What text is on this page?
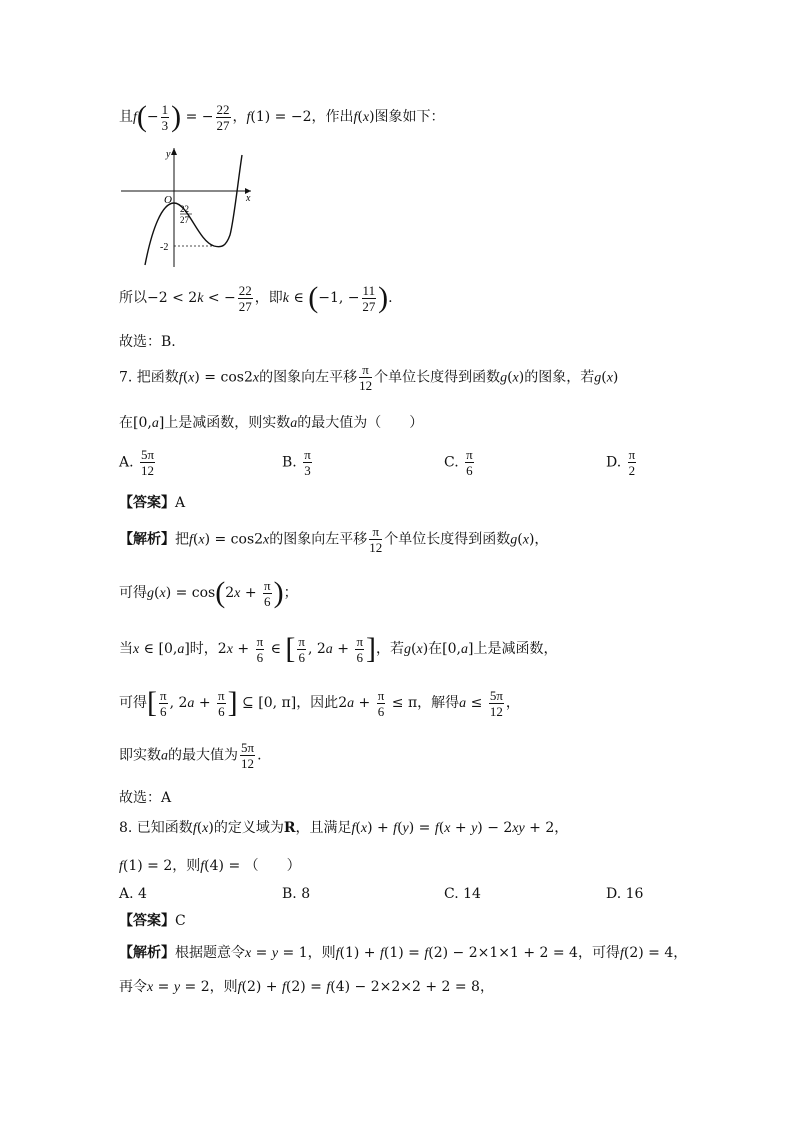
且$f(- \frac{1}{3}$ ) = − $\frac{22}{27}$ ，f(1) = −2，作出f(x)图象如下：
y
x
O
22
27
-2
所以−2 < 2k < − $\frac{22}{27}$ ，即k ∈ (−1, − $\frac{11}{27}$ ).
故选：B.
7. 把函数f(x) = cos2x的图象向左平移 $\frac{\pi}{12}$ 个单位长度得到函数g(x)的图象，若g(x)
在[0,a]上是减函数，则实数a的最大值为（　　）
A. $\frac{5\pi}{12}$	B. $\frac{\pi}{3}$	C. $\frac{\pi}{6}$	D. $\frac{\pi}{2}$
【答案】A
【解析】把f(x) = cos2x的图象向左平移 $\frac{\pi}{12}$ 个单位长度得到函数g(x)，
可得$g(x) = \cos(2x + \frac{\pi}{6}$ )；
当x ∈ [0,a]时，$2x + \frac{\pi}{6}$ ∈ [ $\frac{\pi}{6}$ , $2a + \frac{\pi}{6}$ ]，若g(x)在[0,a]上是减函数，
可得[ $\frac{\pi}{6}$ , $2a + \frac{\pi}{6}$ ] ⊆ [0, π]，因此$2a + \frac{\pi}{6} \le \pi$，解得$a \le \frac{5\pi}{12}$ ，
即实数a的最大值为 $\frac{5\pi}{12}$ .
故选：A
8. 已知函数f(x)的定义域为R，且满足f(x) + f(y) = f(x + y) − 2xy + 2，
f(1) = 2，则f(4) = （　　）
A. 4	B. 8	C. 14	D. 16
【答案】C
【解析】根据题意令x = y = 1，则f(1) + f(1) = f(2) − 2×1×1 + 2 = 4，可得f(2) = 4，
再令x = y = 2，则f(2) + f(2) = f(4) − 2×2×2 + 2 = 8，
